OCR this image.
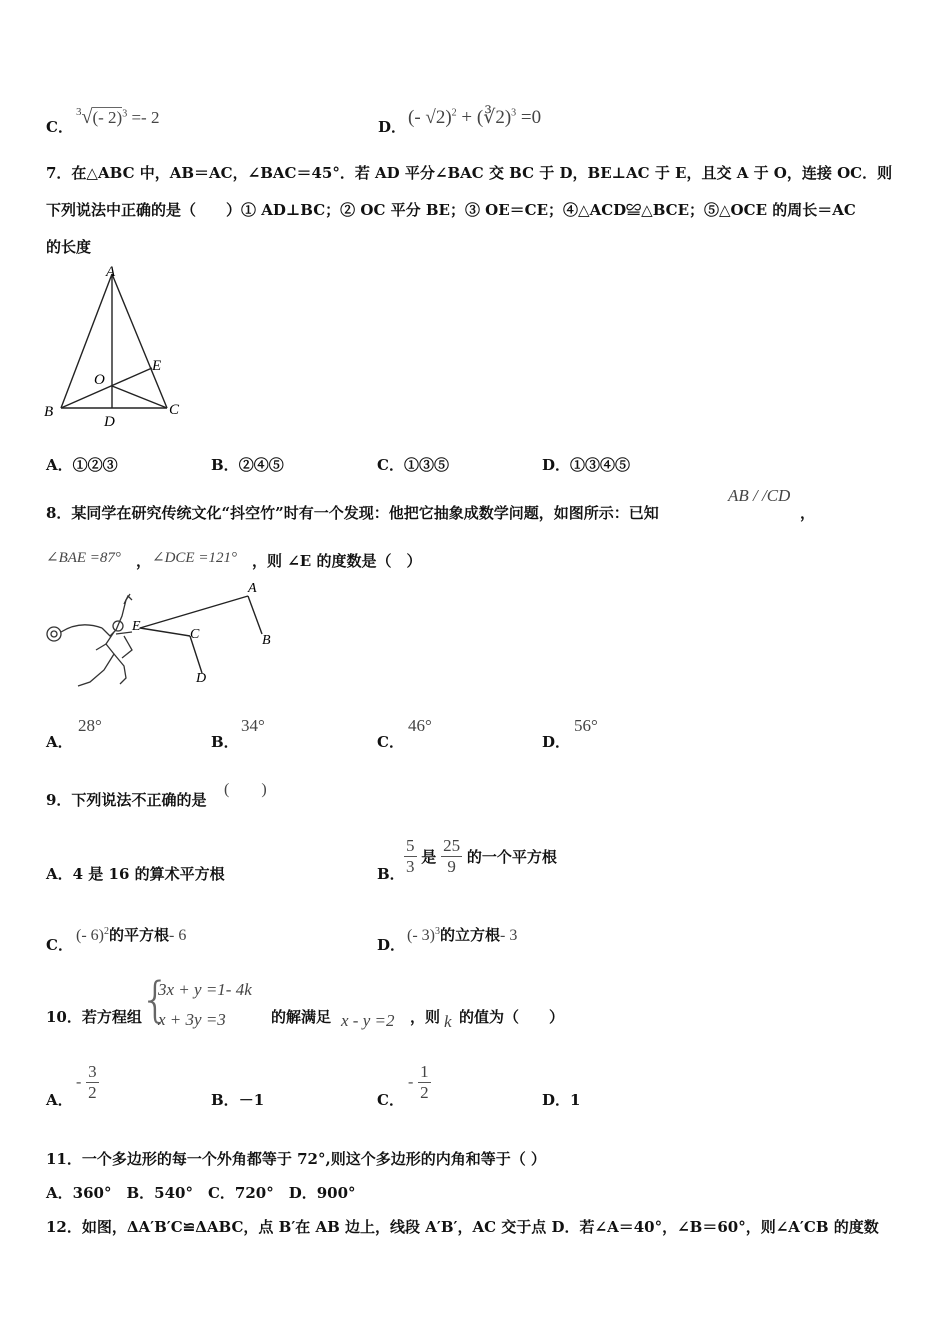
C．
$^3$√(- 2)$^3$ =- 2	D． (- √2)$^2$ + (∛2)$^3$ =0
7．在△ABC 中，AB＝AC，∠BAC＝45°．若 AD 平分∠BAC 交 BC 于 D，BE⊥AC 于 E，且交 A 于 O，连接 OC．则
下列说法中正确的是（　　）① AD⊥BC；② OC 平分 BE；③ OE＝CE；④△ACD≌△BCE；⑤△OCE 的周长＝AC
的长度
A
E
O
B
D
C
A．①②③	B．②④⑤	C．①③⑤	D．①③④⑤
8．某同学在研究传统文化“抖空竹”时有一个发现：他把它抽象成数学问题，如图所示：已知
AB / /CD
，
∠BAE =87° ， ∠DCE =121° ，则 ∠E 的度数是（　）
A
E
C	B
D
A．
28°
B．
34°
C．
46°
D．
56°
9．下列说法不正确的是
(　　)
A．4 是 16 的算术平方根	B． $\frac{5}{3}$ 是 $\frac{25}{9}$ 的一个平方根
C．
(- 6)$^2$的平方根- 6
D．
(- 3)$^3$的立方根- 3
10．若方程组
{
3x + y =1- 4k
x + 3y =3	的解满足 x - y =2 ，则 k 的值为（　　）
A．
- $\frac{3}{2}$	B．－1	C．
- $\frac{1}{2}$	D．1
11．一个多边形的每一个外角都等于 72°,则这个多边形的内角和等于（ ）
A．360°　B．540°　C．720°　D．900°
12．如图，ΔA′B′C≌ΔABC，点 B′在 AB 边上，线段 A′B′，AC 交于点 D．若∠A＝40°，∠B＝60°，则∠A′CB 的度数
